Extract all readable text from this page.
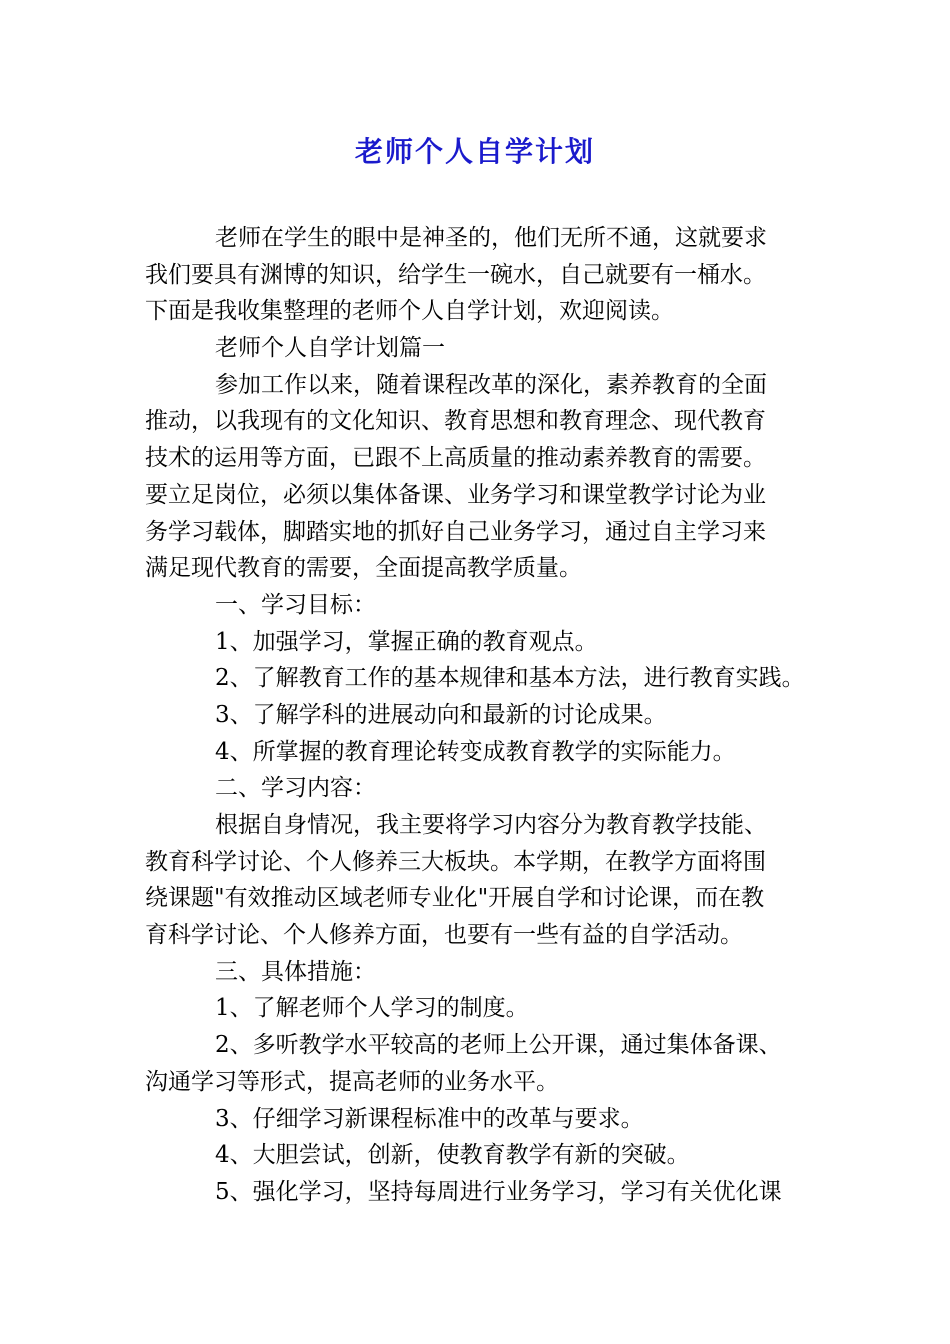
老师个人自学计划
老师在学生的眼中是神圣的，他们无所不通，这就要求
我们要具有渊博的知识，给学生一碗水，自己就要有一桶水。
下面是我收集整理的老师个人自学计划，欢迎阅读。
老师个人自学计划篇一
参加工作以来，随着课程改革的深化，素养教育的全面
推动，以我现有的文化知识、教育思想和教育理念、现代教育
技术的运用等方面，已跟不上高质量的推动素养教育的需要。
要立足岗位，必须以集体备课、业务学习和课堂教学讨论为业
务学习载体，脚踏实地的抓好自己业务学习，通过自主学习来
满足现代教育的需要，全面提高教学质量。
一、学习目标：
1、加强学习，掌握正确的教育观点。
2、了解教育工作的基本规律和基本方法，进行教育实践。
3、了解学科的进展动向和最新的讨论成果。
4、所掌握的教育理论转变成教育教学的实际能力。
二、学习内容：
根据自身情况，我主要将学习内容分为教育教学技能、
教育科学讨论、个人修养三大板块。本学期，在教学方面将围
绕课题"有效推动区域老师专业化"开展自学和讨论课，而在教
育科学讨论、个人修养方面，也要有一些有益的自学活动。
三、具体措施：
1、了解老师个人学习的制度。
2、多听教学水平较高的老师上公开课，通过集体备课、
沟通学习等形式，提高老师的业务水平。
3、仔细学习新课程标准中的改革与要求。
4、大胆尝试，创新，使教育教学有新的突破。
5、强化学习，坚持每周进行业务学习，学习有关优化课
